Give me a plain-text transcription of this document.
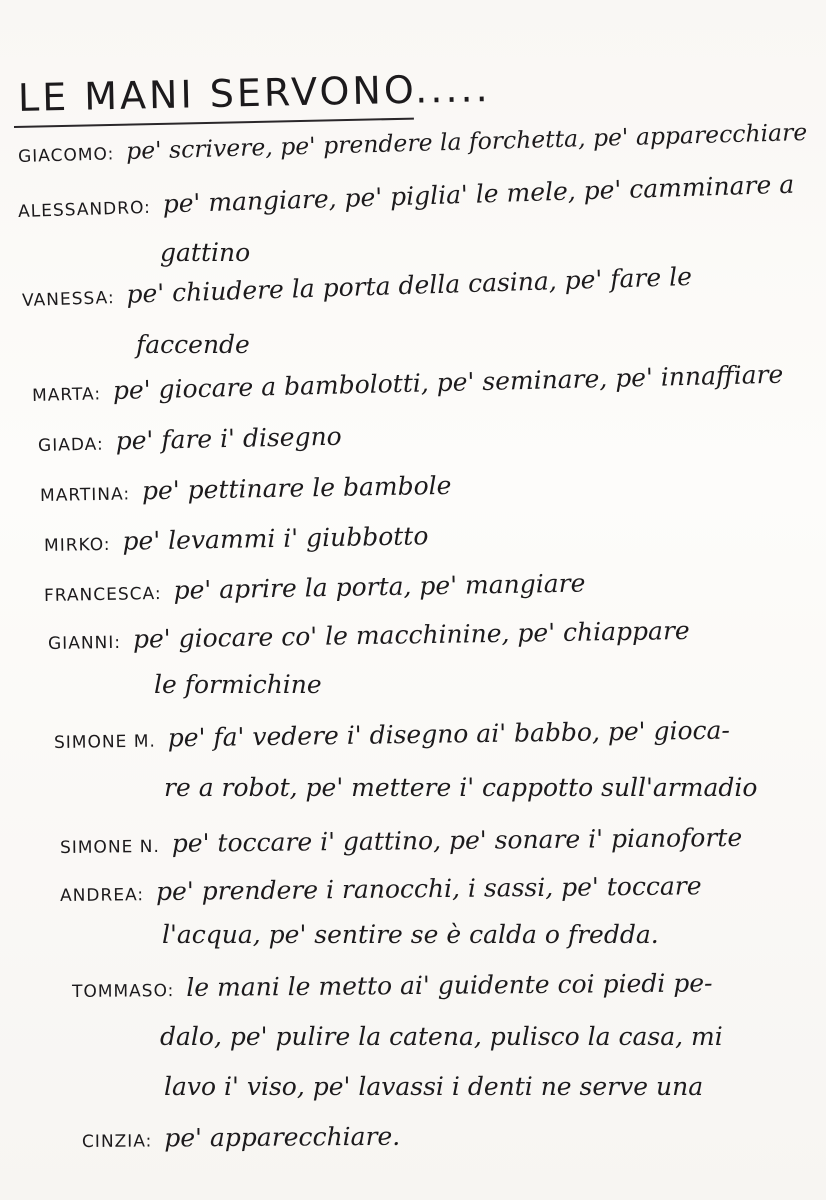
LE MANI SERVONO.....
GIACOMO: pe' scrivere, pe' prendere la forchetta, pe' apparecchiare
ALESSANDRO: pe' mangiare, pe' piglia' le mele, pe' camminare a
gattino
VANESSA: pe' chiudere la porta della casina, pe' fare le
faccende
MARTA: pe' giocare a bambolotti, pe' seminare, pe' innaffiare
GIADA: pe' fare i' disegno
MARTINA: pe' pettinare le bambole
MIRKO: pe' levammi i' giubbotto
FRANCESCA: pe' aprire la porta, pe' mangiare
GIANNI: pe' giocare co' le macchinine, pe' chiappare
le formichine
SIMONE M. pe' fa' vedere i' disegno ai' babbo, pe' gioca-
re a robot, pe' mettere i' cappotto sull'armadio
SIMONE N. pe' toccare i' gattino, pe' sonare i' pianoforte
ANDREA: pe' prendere i ranocchi, i sassi, pe' toccare
l'acqua, pe' sentire se è calda o fredda.
TOMMASO: le mani le metto ai' guidente coi piedi pe-
dalo, pe' pulire la catena, pulisco la casa, mi
lavo i' viso, pe' lavassi i denti ne serve una
CINZIA: pe' apparecchiare.
